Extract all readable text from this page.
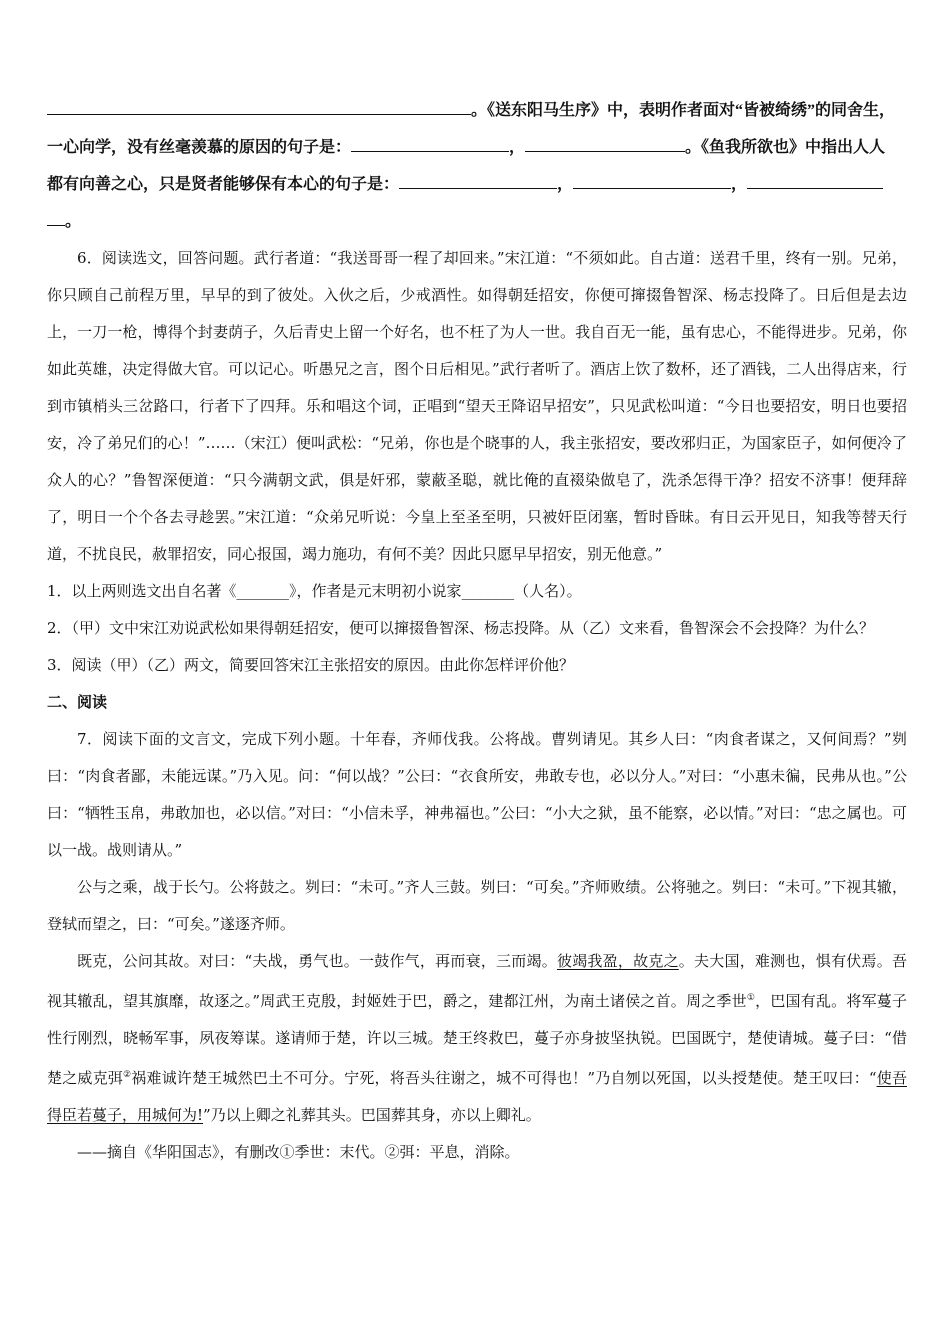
。《送东阳马生序》中，表明作者面对“皆被绮绣”的同舍生，
一心向学，没有丝毫羡慕的原因的句子是：	，	。《鱼我所欲也》中指出人人
都有向善之心，只是贤者能够保有本心的句子是：	，	，
。

6．阅读选文，回答问题。武行者道：“我送哥哥一程了却回来。”宋江道：“不须如此。自古道：送君千里，终有一别。兄弟，你只顾自己前程万里，早早的到了彼处。入伙之后，少戒酒性。如得朝廷招安，你便可撺掇鲁智深、杨志投降了。日后但是去边上，一刀一枪，博得个封妻荫子，久后青史上留一个好名，也不枉了为人一世。我自百无一能，虽有忠心，不能得进步。兄弟，你如此英雄，决定得做大官。可以记心。听愚兄之言，图个日后相见。”武行者听了。酒店上饮了数杯，还了酒钱，二人出得店来，行到市镇梢头三岔路口，行者下了四拜。乐和唱这个词，正唱到“望天王降诏早招安”，只见武松叫道：“今日也要招安，明日也要招安，冷了弟兄们的心！”……（宋江）便叫武松：“兄弟，你也是个晓事的人，我主张招安，要改邪归正，为国家臣子，如何便冷了众人的心？”鲁智深便道：“只今满朝文武，俱是奸邪，蒙蔽圣聪，就比俺的直裰染做皂了，洗杀怎得干净？招安不济事！便拜辞了，明日一个个各去寻趁罢。”宋江道：“众弟兄听说：今皇上至圣至明，只被奸臣闭塞，暂时昏昧。有日云开见日，知我等替天行道，不扰良民，赦罪招安，同心报国，竭力施功，有何不美？因此只愿早早招安，别无他意。”

1．以上两则选文出自名著《_______》，作者是元末明初小说家_______（人名）。

2．（甲）文中宋江劝说武松如果得朝廷招安，便可以撺掇鲁智深、杨志投降。从（乙）文来看，鲁智深会不会投降？为什么？

3．阅读（甲）（乙）两文，简要回答宋江主张招安的原因。由此你怎样评价他？

二、阅读

7．阅读下面的文言文，完成下列小题。十年春，齐师伐我。公将战。曹刿请见。其乡人曰：“肉食者谋之，又何间焉？”刿曰：“肉食者鄙，未能远谋。”乃入见。问：“何以战？”公曰：“衣食所安，弗敢专也，必以分人。”对曰：“小惠未徧，民弗从也。”公曰：“牺牲玉帛，弗敢加也，必以信。”对曰：“小信未孚，神弗福也。”公曰：“小大之狱，虽不能察，必以情。”对曰：“忠之属也。可以一战。战则请从。”

公与之乘，战于长勺。公将鼓之。刿曰：“未可。”齐人三鼓。刿曰：“可矣。”齐师败绩。公将驰之。刿曰：“未可。”下视其辙，登轼而望之，曰：“可矣。”遂逐齐师。

既克，公问其故。对曰：“夫战，勇气也。一鼓作气，再而衰，三而竭。彼竭我盈，故克之。夫大国，难测也，惧有伏焉。吾视其辙乱，望其旗靡，故逐之。”周武王克殷，封姬姓于巴，爵之，建都江州，为南土诸侯之首。周之季世①，巴国有乱。将军蔓子性行刚烈，晓畅军事，夙夜筹谋。遂请师于楚，许以三城。楚王终救巴，蔓子亦身披坚执锐。巴国既宁，楚使请城。蔓子曰：“借楚之威克弭②祸难诚许楚王城然巴土不可分。宁死，将吾头往谢之，城不可得也！”乃自刎以死国，以头授楚使。楚王叹曰：“使吾得臣若蔓子，用城何为!”乃以上卿之礼葬其头。巴国葬其身，亦以上卿礼。

——摘自《华阳国志》，有删改①季世：末代。②弭：平息，消除。
